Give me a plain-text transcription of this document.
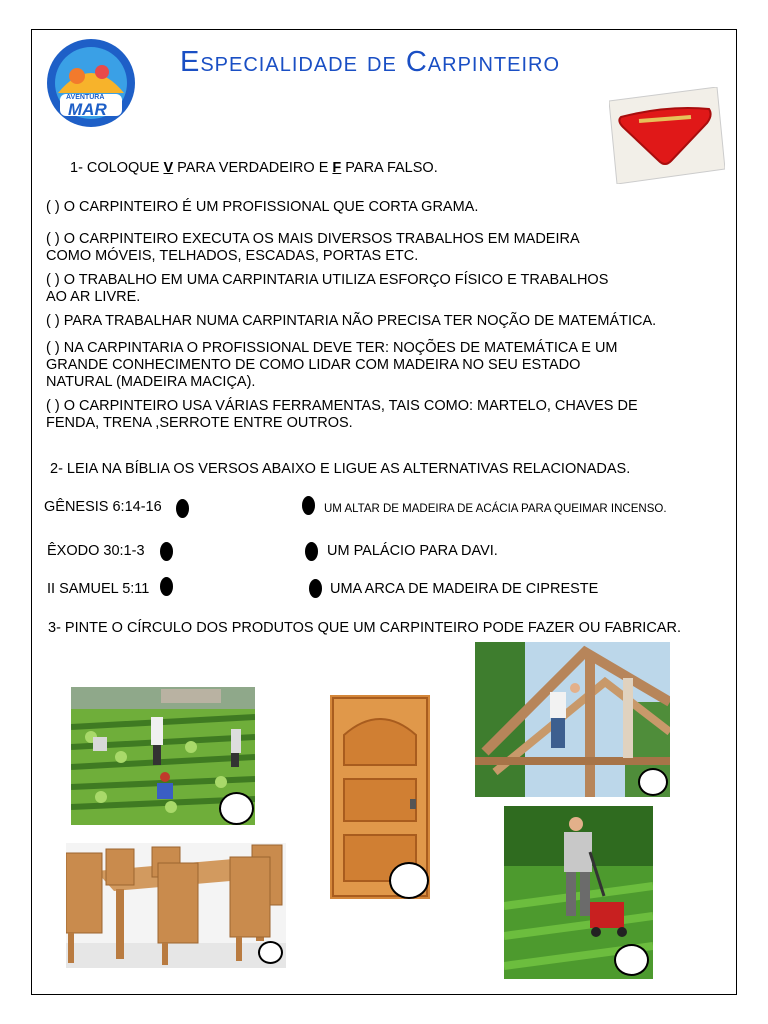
AVENTURA
MAR
Especialidade de Carpinteiro
1- COLOQUE V PARA VERDADEIRO E F PARA FALSO.
( ) O CARPINTEIRO É UM PROFISSIONAL QUE CORTA GRAMA.
( ) O CARPINTEIRO EXECUTA OS MAIS DIVERSOS TRABALHOS EM MADEIRA
COMO MÓVEIS, TELHADOS, ESCADAS, PORTAS ETC.
( ) O TRABALHO EM UMA CARPINTARIA UTILIZA ESFORÇO FÍSICO E TRABALHOS
AO AR LIVRE.
( ) PARA TRABALHAR NUMA CARPINTARIA NÃO PRECISA TER NOÇÃO DE MATEMÁTICA.
( ) NA CARPINTARIA O PROFISSIONAL DEVE TER: NOÇÕES DE MATEMÁTICA E UM
GRANDE CONHECIMENTO DE COMO LIDAR COM MADEIRA NO SEU ESTADO
NATURAL (MADEIRA MACIÇA).
( ) O CARPINTEIRO USA VÁRIAS FERRAMENTAS, TAIS COMO: MARTELO, CHAVES DE
FENDA, TRENA ,SERROTE ENTRE OUTROS.
2- LEIA NA BÍBLIA OS VERSOS ABAIXO E LIGUE AS ALTERNATIVAS RELACIONADAS.
GÊNESIS 6:14-16	UM ALTAR DE MADEIRA DE ACÁCIA PARA QUEIMAR INCENSO.
ÊXODO 30:1-3	UM PALÁCIO PARA DAVI.
II SAMUEL 5:11	UMA ARCA DE MADEIRA DE CIPRESTE
3- PINTE O CÍRCULO DOS PRODUTOS QUE UM CARPINTEIRO PODE FAZER OU FABRICAR.
